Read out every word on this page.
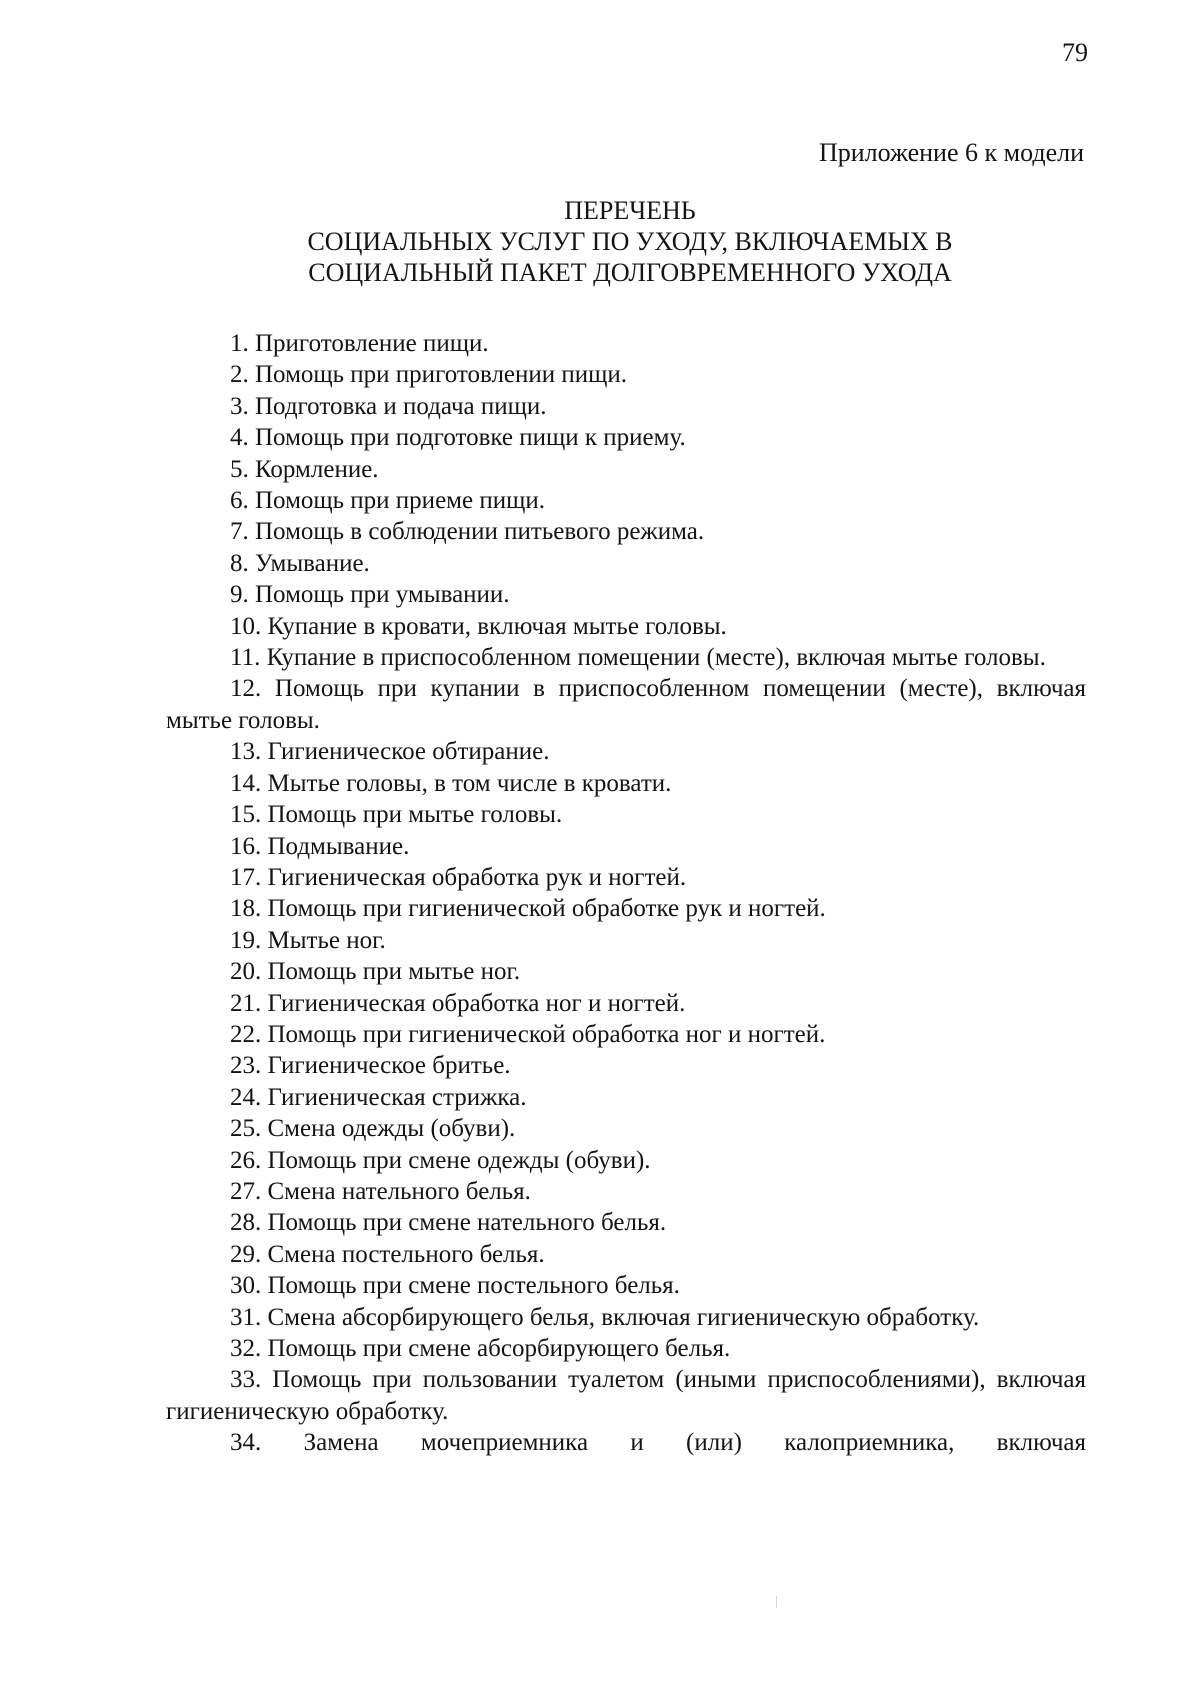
79
Приложение 6 к модели
ПЕРЕЧЕНЬ
СОЦИАЛЬНЫХ УСЛУГ ПО УХОДУ, ВКЛЮЧАЕМЫХ В
СОЦИАЛЬНЫЙ ПАКЕТ ДОЛГОВРЕМЕННОГО УХОДА

1. Приготовление пищи.

2. Помощь при приготовлении пищи.

3. Подготовка и подача пищи.

4. Помощь при подготовке пищи к приему.

5. Кормление.

6. Помощь при приеме пищи.

7. Помощь в соблюдении питьевого режима.

8. Умывание.

9. Помощь при умывании.

10. Купание в кровати, включая мытье головы.

11. Купание в приспособленном помещении (месте), включая мытье головы.

12. Помощь при купании в приспособленном помещении (месте), включая мытье головы.

13. Гигиеническое обтирание.

14. Мытье головы, в том числе в кровати.

15. Помощь при мытье головы.

16. Подмывание.

17. Гигиеническая обработка рук и ногтей.

18. Помощь при гигиенической обработке рук и ногтей.

19. Мытье ног.

20. Помощь при мытье ног.

21. Гигиеническая обработка ног и ногтей.

22. Помощь при гигиенической обработка ног и ногтей.

23. Гигиеническое бритье.

24. Гигиеническая стрижка.

25. Смена одежды (обуви).

26. Помощь при смене одежды (обуви).

27. Смена нательного белья.

28. Помощь при смене нательного белья.

29. Смена постельного белья.

30. Помощь при смене постельного белья.

31. Смена абсорбирующего белья, включая гигиеническую обработку.

32. Помощь при смене абсорбирующего белья.

33. Помощь при пользовании туалетом (иными приспособлениями), включая гигиеническую обработку.

34. Замена мочеприемника и (или) калоприемника, включая
